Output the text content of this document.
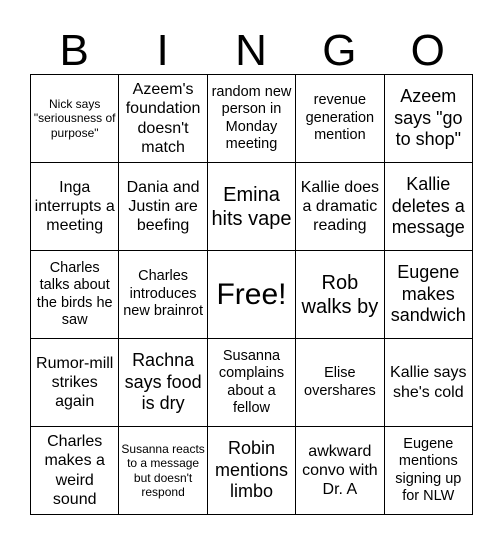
B	I	N	G	O
Nick says "seriousness of purpose"	Azeem's foundation doesn't match	random new person in Monday meeting	revenue generation mention	Azeem says "go to shop"
Inga interrupts a meeting	Dania and Justin are beefing	Emina hits vape	Kallie does a dramatic reading	Kallie deletes a message
Charles talks about the birds he saw	Charles introduces new brainrot	Free!	Rob walks by	Eugene makes sandwich
Rumor-mill strikes again	Rachna says food is dry	Susanna complains about a fellow	Elise overshares	Kallie says she's cold
Charles makes a weird sound	Susanna reacts to a message but doesn't respond	Robin mentions limbo	awkward convo with Dr. A	Eugene mentions signing up for NLW
